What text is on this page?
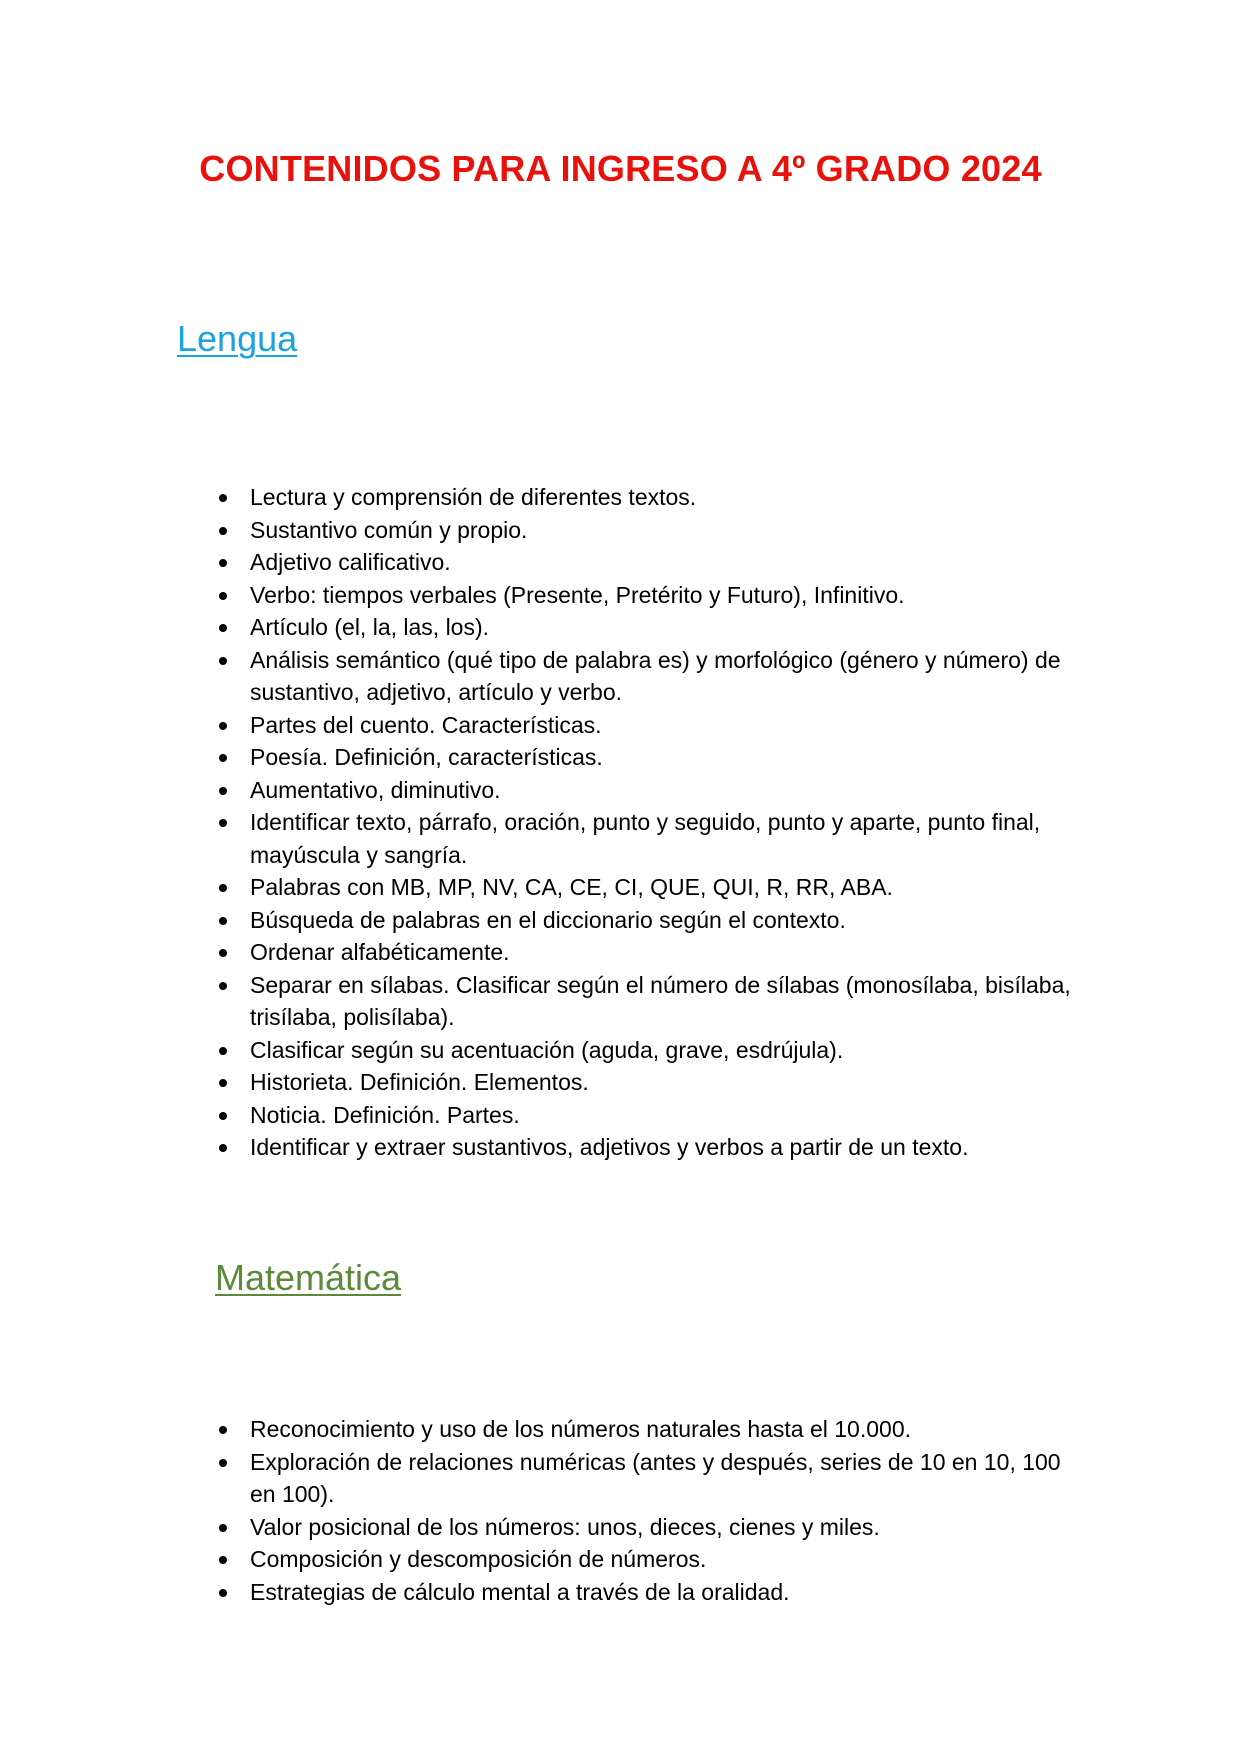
CONTENIDOS PARA INGRESO A 4º GRADO 2024
Lengua
Lectura y comprensión de diferentes textos.
Sustantivo común y propio.
Adjetivo calificativo.
Verbo: tiempos verbales (Presente, Pretérito y Futuro), Infinitivo.
Artículo (el, la, las, los).
Análisis semántico (qué tipo de palabra es) y morfológico (género y número) de sustantivo, adjetivo, artículo y verbo.
Partes del cuento. Características.
Poesía. Definición, características.
Aumentativo, diminutivo.
Identificar texto, párrafo, oración, punto y seguido, punto y aparte, punto final, mayúscula y sangría.
Palabras con MB, MP, NV, CA, CE, CI, QUE, QUI, R, RR, ABA.
Búsqueda de palabras en el diccionario según el contexto.
Ordenar alfabéticamente.
Separar en sílabas. Clasificar según el número de sílabas (monosílaba, bisílaba, trisílaba, polisílaba).
Clasificar según su acentuación (aguda, grave, esdrújula).
Historieta. Definición. Elementos.
Noticia. Definición. Partes.
Identificar y extraer sustantivos, adjetivos y verbos a partir de un texto.
Matemática
Reconocimiento y uso de los números naturales hasta el 10.000.
Exploración de relaciones numéricas (antes y después, series de 10 en 10, 100 en 100).
Valor posicional de los números: unos, dieces, cienes y miles.
Composición y descomposición de números.
Estrategias de cálculo mental a través de la oralidad.
